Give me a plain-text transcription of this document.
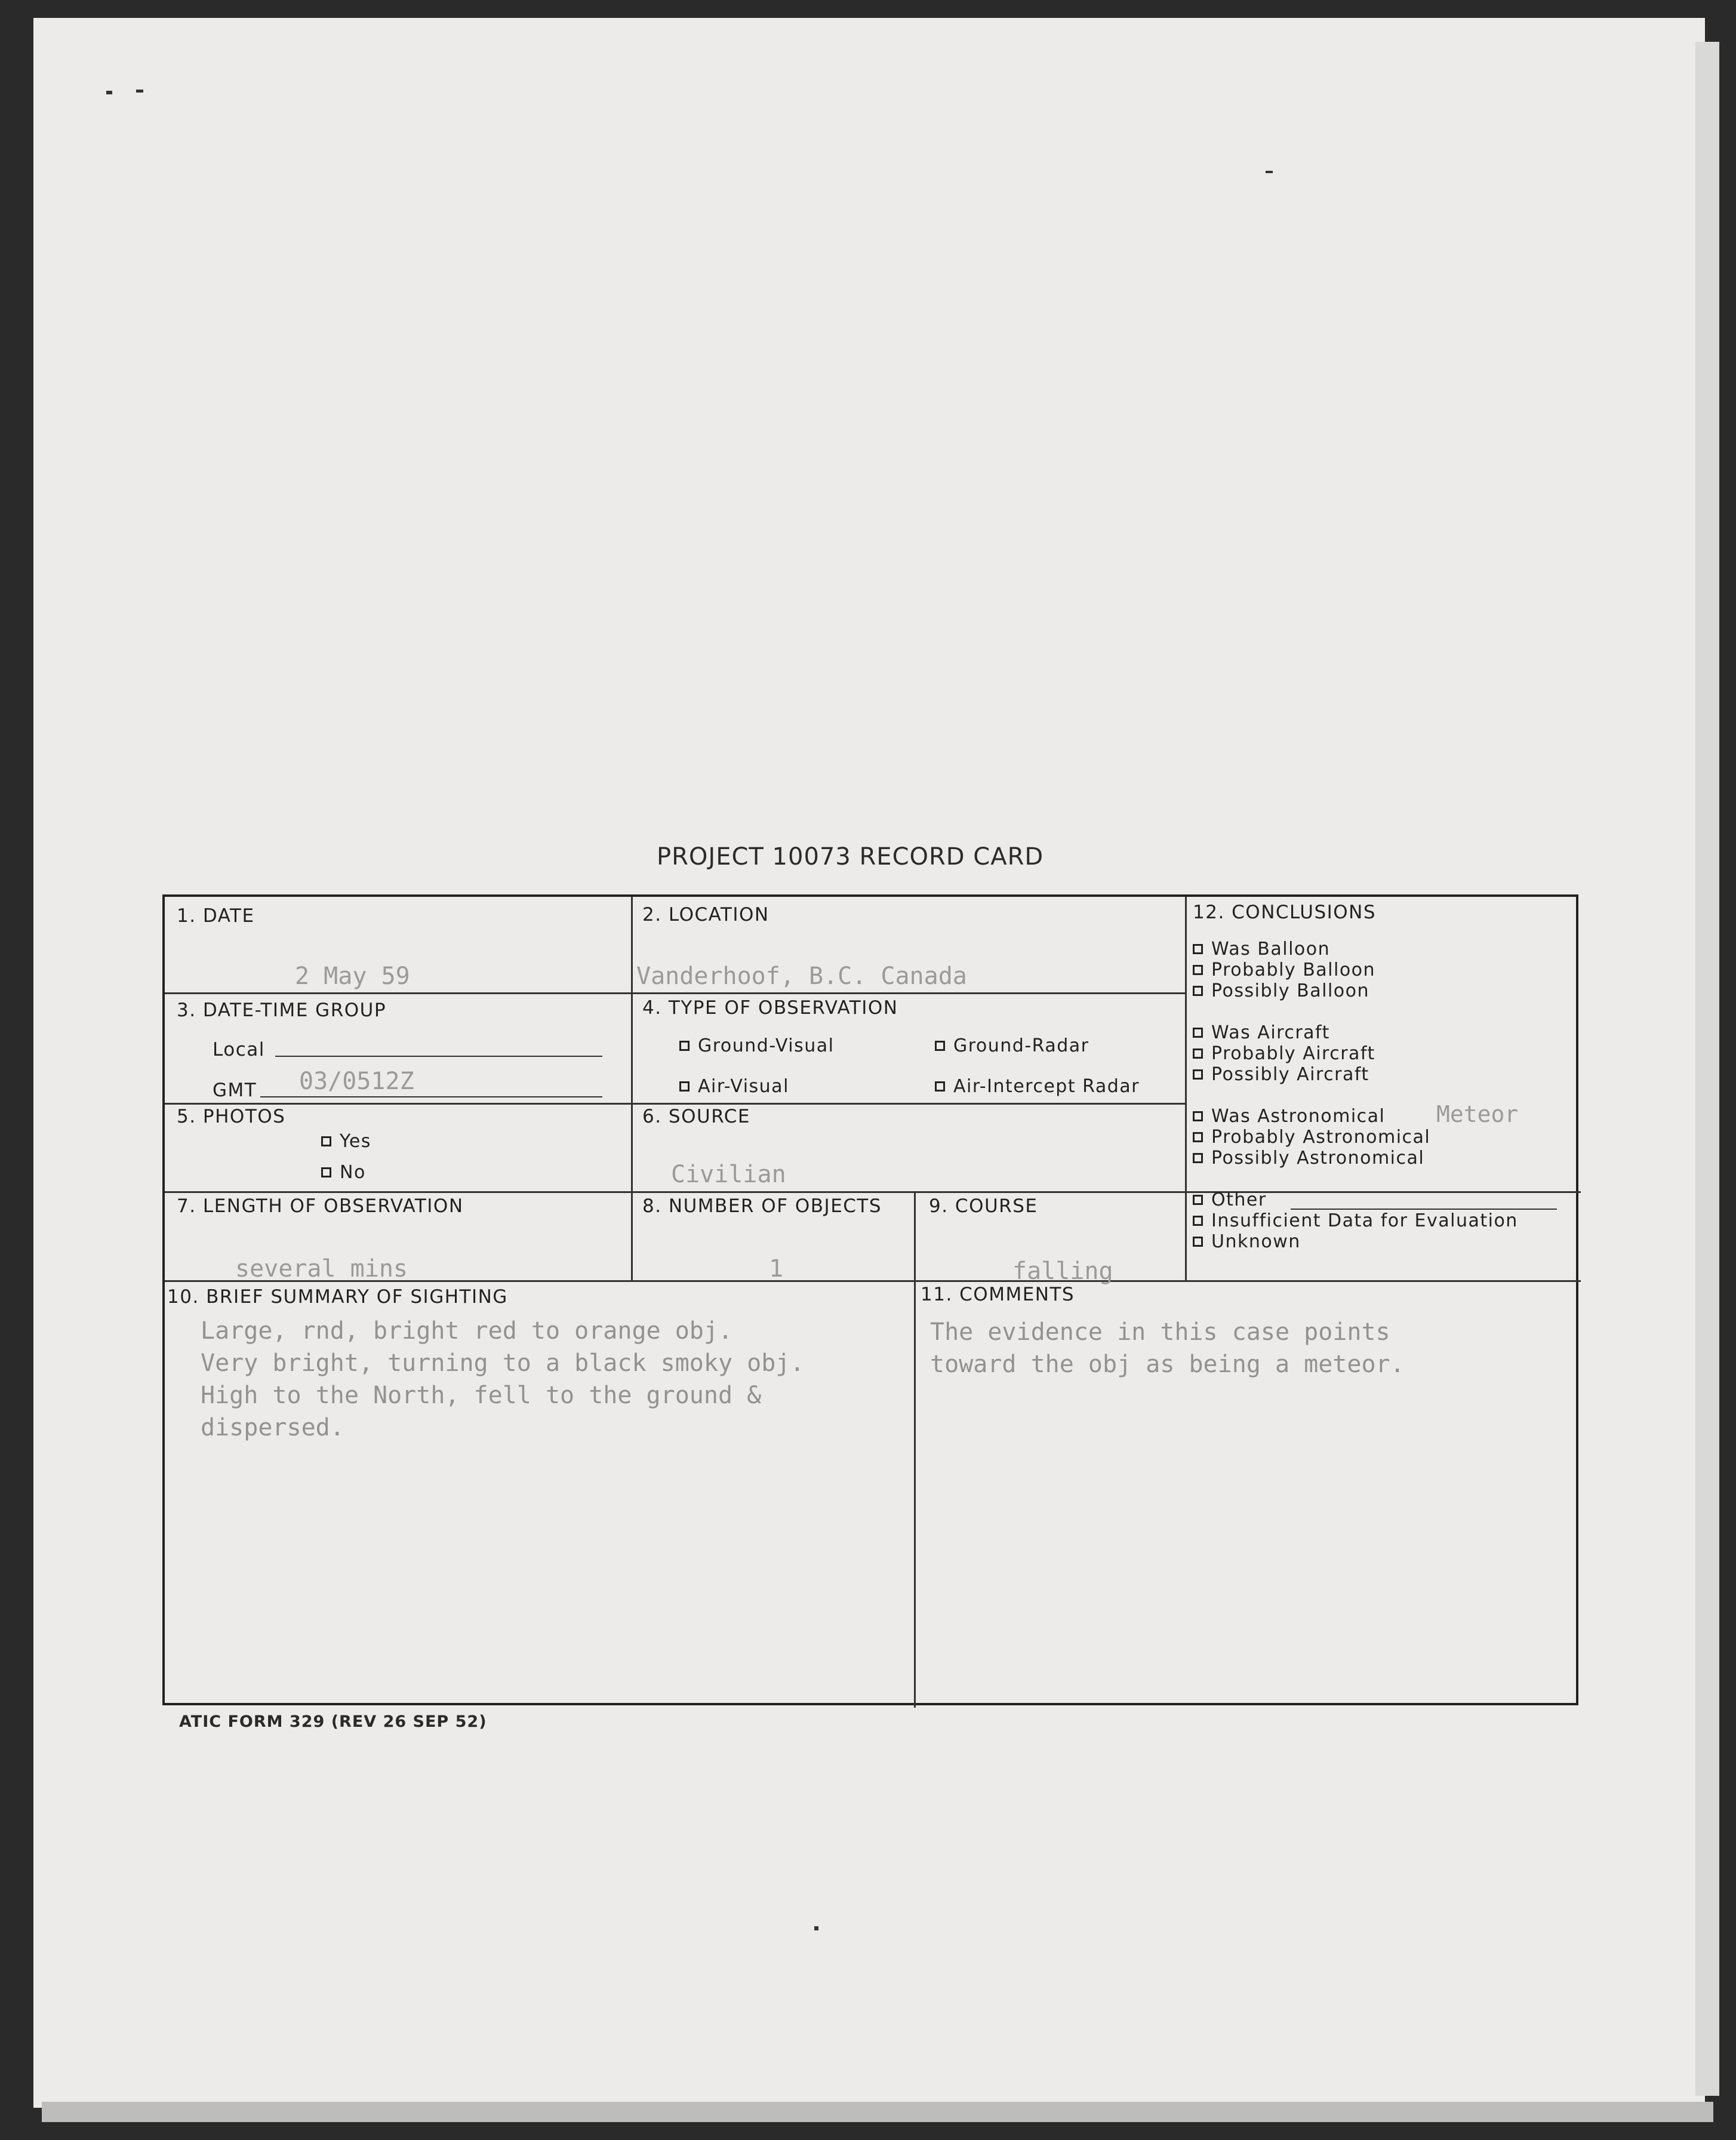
PROJECT 10073 RECORD CARD
1. DATE
2 May 59
2. LOCATION
Vanderhoof, B.C. Canada
3. DATE-TIME GROUP
Local
GMT 03/0512Z
4. TYPE OF OBSERVATION
Ground-Visual	Ground-Radar
Air-Visual	Air-Intercept Radar
5. PHOTOS
Yes
No
6. SOURCE
Civilian
7. LENGTH OF OBSERVATION
several mins
8. NUMBER OF OBJECTS
1
9. COURSE
falling
10. BRIEF SUMMARY OF SIGHTING
Large, rnd, bright red to orange obj.
Very bright, turning to a black smoky obj.
High to the North, fell to the ground &
dispersed.
11. COMMENTS
The evidence in this case points
toward the obj as being a meteor.
12. CONCLUSIONS
Was Balloon
Probably Balloon
Possibly Balloon
Was Aircraft
Probably Aircraft
Possibly Aircraft
Was Astronomical Meteor
Probably Astronomical
Possibly Astronomical
Other
Insufficient Data for Evaluation
Unknown
ATIC FORM 329 (REV 26 SEP 52)
